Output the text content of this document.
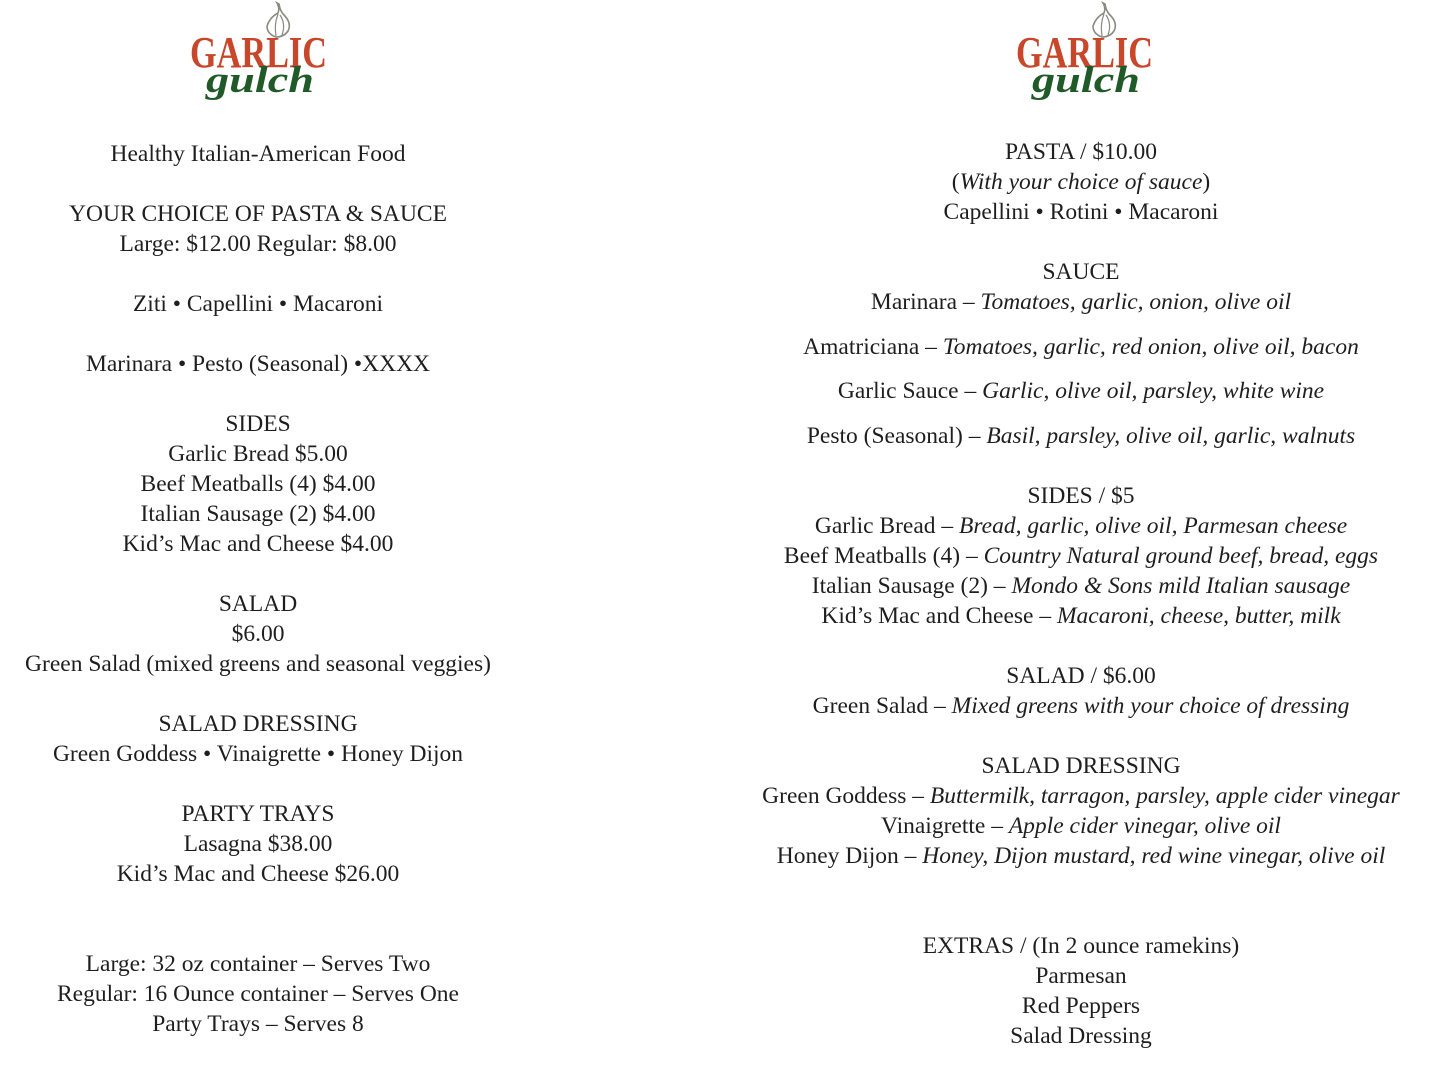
GARLIC
gulch
Healthy Italian-American Food
YOUR CHOICE OF PASTA & SAUCE
Large: $12.00 Regular: $8.00
Ziti • Capellini • Macaroni
Marinara • Pesto (Seasonal) •XXXX
SIDES
Garlic Bread $5.00
Beef Meatballs (4) $4.00
Italian Sausage (2) $4.00
Kid’s Mac and Cheese $4.00
SALAD
$6.00
Green Salad (mixed greens and seasonal veggies)
SALAD DRESSING
Green Goddess • Vinaigrette • Honey Dijon
PARTY TRAYS
Lasagna $38.00
Kid’s Mac and Cheese $26.00
Large: 32 oz container – Serves Two
Regular: 16 Ounce container – Serves One
Party Trays – Serves 8
GARLIC
gulch
PASTA / $10.00
(With your choice of sauce)
Capellini • Rotini • Macaroni
SAUCE
Marinara – Tomatoes, garlic, onion, olive oil
Amatriciana – Tomatoes, garlic, red onion, olive oil, bacon
Garlic Sauce – Garlic, olive oil, parsley, white wine
Pesto (Seasonal) – Basil, parsley, olive oil, garlic, walnuts
SIDES / $5
Garlic Bread – Bread, garlic, olive oil, Parmesan cheese
Beef Meatballs (4) – Country Natural ground beef, bread, eggs
Italian Sausage (2) – Mondo & Sons mild Italian sausage
Kid’s Mac and Cheese – Macaroni, cheese, butter, milk
SALAD / $6.00
Green Salad – Mixed greens with your choice of dressing
SALAD DRESSING
Green Goddess – Buttermilk, tarragon, parsley, apple cider vinegar
Vinaigrette – Apple cider vinegar, olive oil
Honey Dijon – Honey, Dijon mustard, red wine vinegar, olive oil
EXTRAS / (In 2 ounce ramekins)
Parmesan
Red Peppers
Salad Dressing
